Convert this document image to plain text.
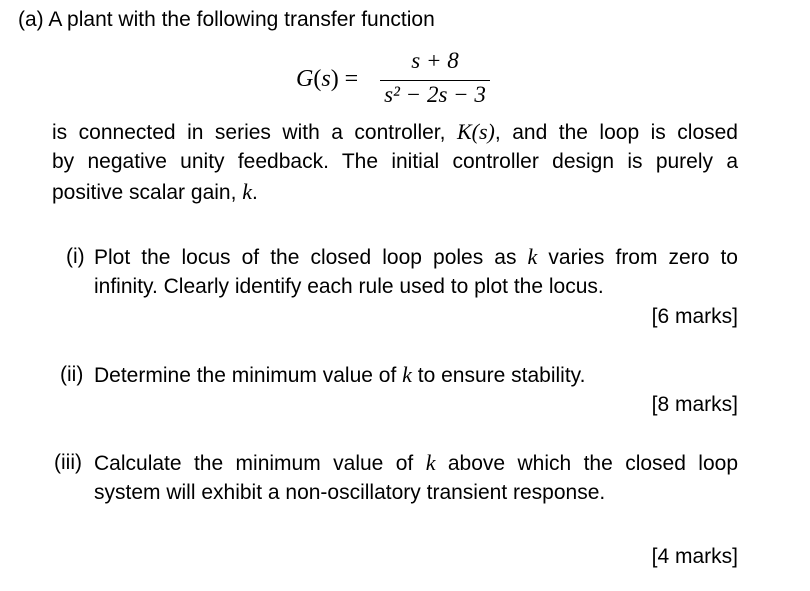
(a) A plant with the following transfer function
G(s) =
s + 8
s² − 2s − 3
is connected in series with a controller, K(s), and the loop is closed
by negative unity feedback. The initial controller design is purely a
positive scalar gain, k.
(i) Plot the locus of the closed loop poles as k varies from zero to
infinity. Clearly identify each rule used to plot the locus.
[6 marks]
(ii) Determine the minimum value of k to ensure stability.
[8 marks]
(iii) Calculate the minimum value of k above which the closed loop
system will exhibit a non-oscillatory transient response.
[4 marks]
